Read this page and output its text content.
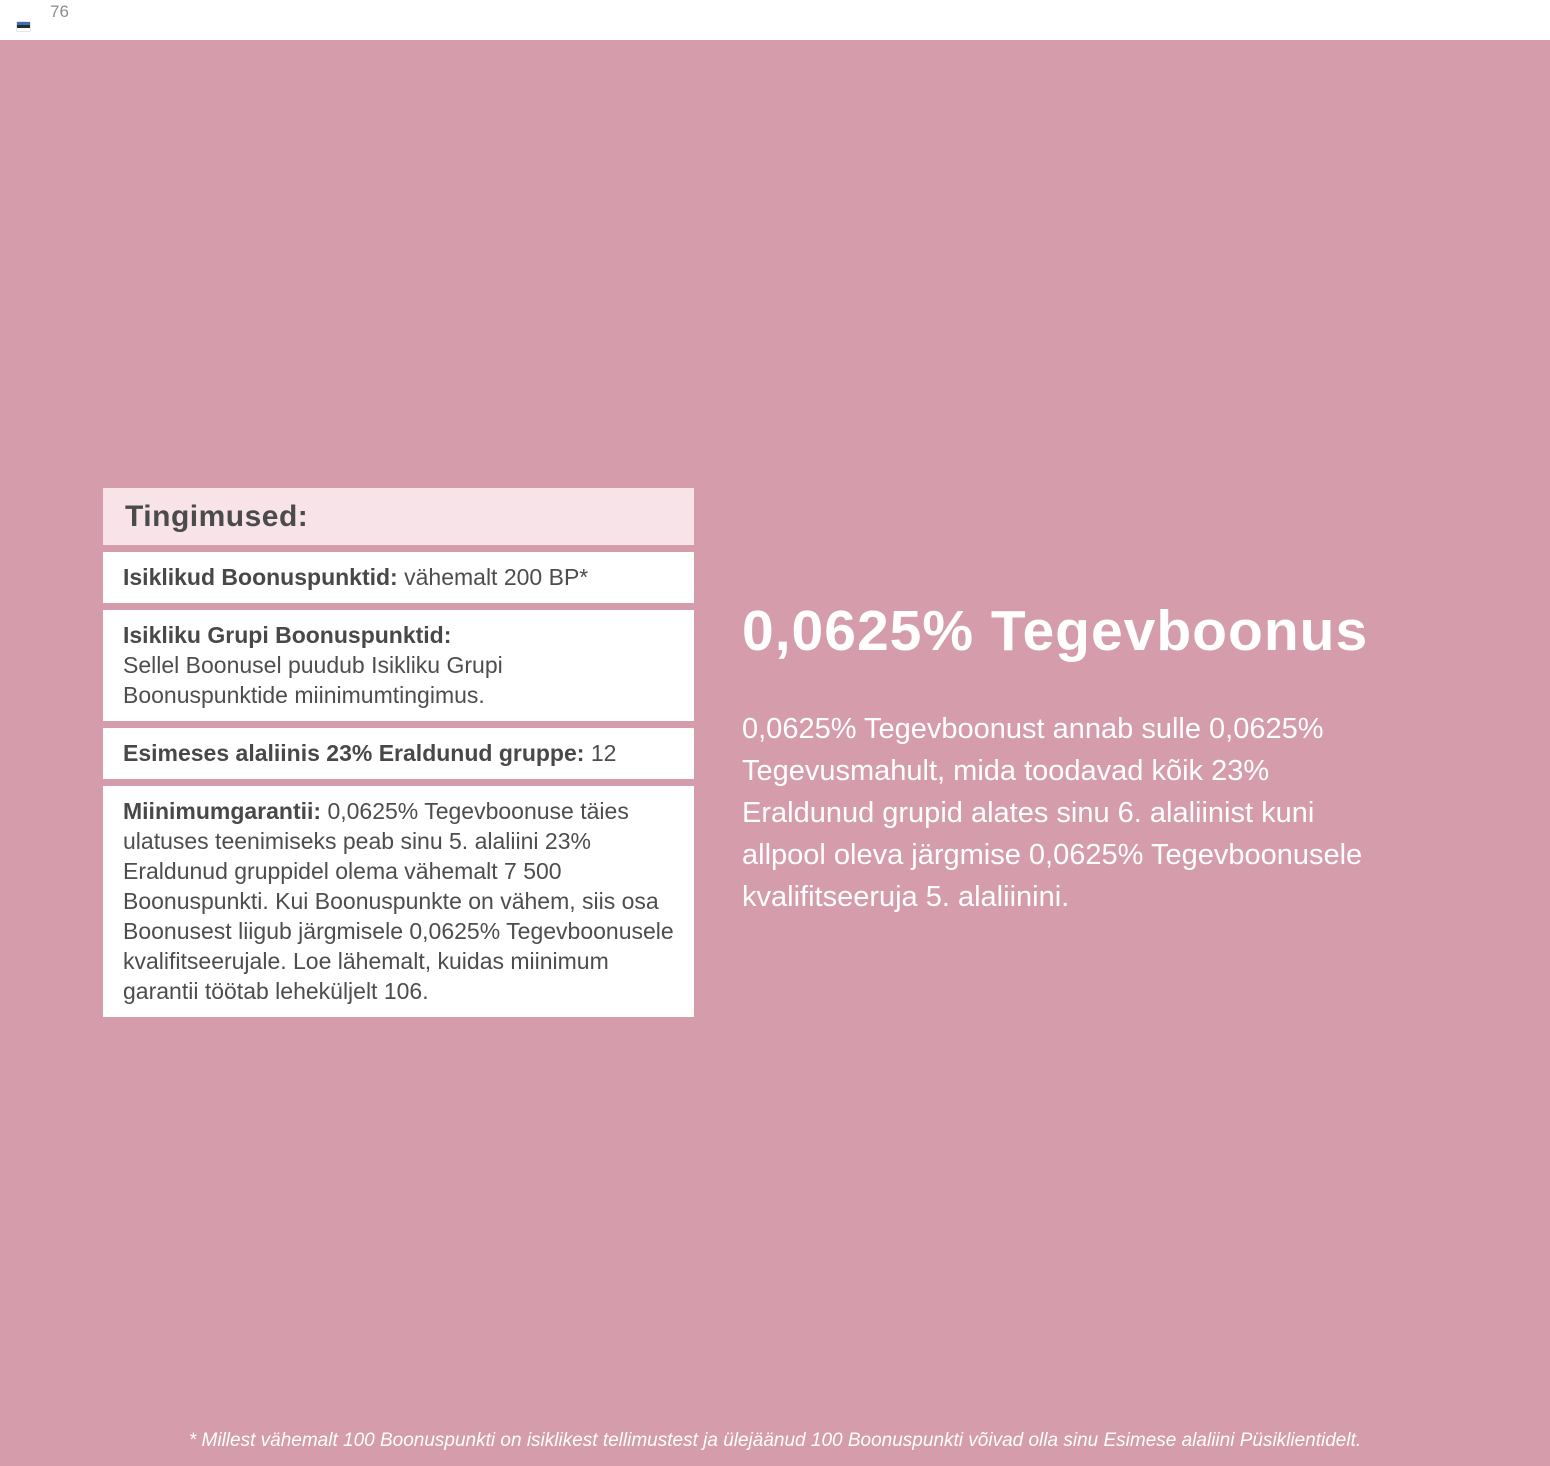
76
Tingimused:
Isiklikud Boonuspunktid: vähemalt 200 BP*
Isikliku Grupi Boonuspunktid:
Sellel Boonusel puudub Isikliku Grupi Boonuspunktide miinimumtingimus.
Esimeses alaliinis 23% Eraldunud gruppe: 12
Miinimumgarantii: 0,0625% Tegevboonuse täies ulatuses teenimiseks peab sinu 5. alaliini 23% Eraldunud gruppidel olema vähemalt 7 500 Boonuspunkti. Kui Boonuspunkte on vähem, siis osa Boonusest liigub järgmisele 0,0625% Tegevboonusele kvalifitseerujale. Loe lähemalt, kuidas miinimum garantii töötab leheküljelt 106.
0,0625% Tegevboonus
0,0625% Tegevboonust annab sulle 0,0625% Tegevusmahult, mida toodavad kõik 23% Eraldunud grupid alates sinu 6. alaliinist kuni allpool oleva järgmise 0,0625% Tegevboonusele kvalifitseeruja 5. alaliinini.
* Millest vähemalt 100 Boonuspunkti on isiklikest tellimustest ja ülejäänud 100 Boonuspunkti võivad olla sinu Esimese alaliini Püsiklientidelt.
